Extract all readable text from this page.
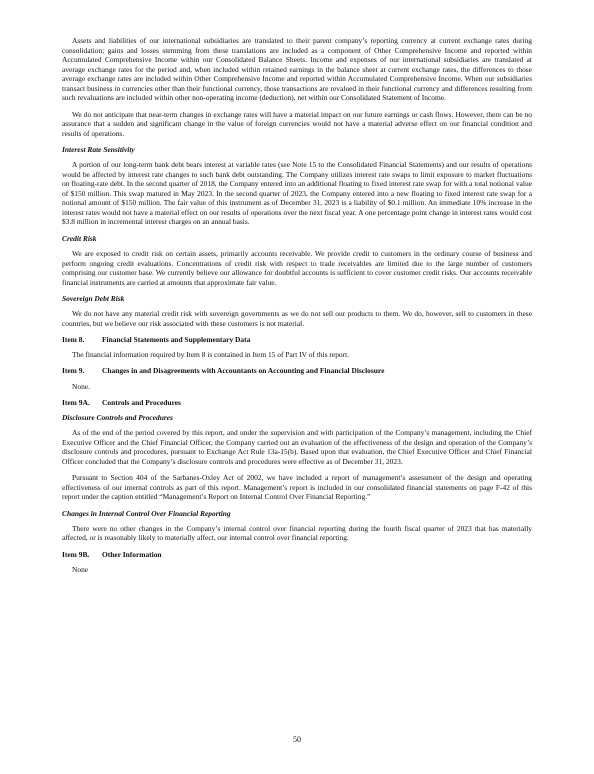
Assets and liabilities of our international subsidiaries are translated to their parent company’s reporting currency at current exchange rates during consolidation; gains and losses stemming from these translations are included as a component of Other Comprehensive Income and reported within Accumulated Comprehensive Income within our Consolidated Balance Sheets. Income and expenses of our international subsidiaries are translated at average exchange rates for the period and, when included within retained earnings in the balance sheet at current exchange rates, the differences to those average exchange rates are included within Other Comprehensive Income and reported within Accumulated Comprehensive Income. When our subsidiaries transact business in currencies other than their functional currency, those transactions are revalued in their functional currency and differences resulting from such revaluations are included within other non-operating income (deduction), net within our Consolidated Statement of Income.

We do not anticipate that near-term changes in exchange rates will have a material impact on our future earnings or cash flows. However, there can be no assurance that a sudden and significant change in the value of foreign currencies would not have a material adverse effect on our financial condition and results of operations.

Interest Rate Sensitivity

A portion of our long-term bank debt bears interest at variable rates (see Note 15 to the Consolidated Financial Statements) and our results of operations would be affected by interest rate changes to such bank debt outstanding. The Company utilizes interest rate swaps to limit exposure to market fluctuations on floating-rate debt. In the second quarter of 2018, the Company entered into an additional floating to fixed interest rate swap for with a total notional value of $150 million. This swap matured in May 2023. In the second quarter of 2023, the Company entered into a new floating to fixed interest rate swap for a notional amount of $150 million. The fair value of this instrument as of December 31, 2023 is a liability of $0.1 million. An immediate 10% increase in the interest rates would not have a material effect on our results of operations over the next fiscal year. A one percentage point change in interest rates would cost $3.8 million in incremental interest charges on an annual basis.

Credit Risk

We are exposed to credit risk on certain assets, primarily accounts receivable. We provide credit to customers in the ordinary course of business and perform ongoing credit evaluations. Concentrations of credit risk with respect to trade receivables are limited due to the large number of customers comprising our customer base. We currently believe our allowance for doubtful accounts is sufficient to cover customer credit risks. Our accounts receivable financial instruments are carried at amounts that approximate fair value.

Sovereign Debt Risk

We do not have any material credit risk with sovereign governments as we do not sell our products to them. We do, however, sell to customers in these countries, but we believe our risk associated with these customers is not material.

Item 8. Financial Statements and Supplementary Data

The financial information required by Item 8 is contained in Item 15 of Part IV of this report.

Item 9. Changes in and Disagreements with Accountants on Accounting and Financial Disclosure

None.

Item 9A. Controls and Procedures
Disclosure Controls and Procedures

As of the end of the period covered by this report, and under the supervision and with participation of the Company’s management, including the Chief Executive Officer and the Chief Financial Officer, the Company carried out an evaluation of the effectiveness of the design and operation of the Company’s disclosure controls and procedures, pursuant to Exchange Act Rule 13a-15(b). Based upon that evaluation, the Chief Executive Officer and Chief Financial Officer concluded that the Company’s disclosure controls and procedures were effective as of December 31, 2023.

Pursuant to Section 404 of the Sarbanes-Oxley Act of 2002, we have included a report of management’s assessment of the design and operating effectiveness of our internal controls as part of this report. Management’s report is included in our consolidated financial statements on page F-42 of this report under the caption entitled “Management’s Report on Internal Control Over Financial Reporting.”

Changes in Internal Control Over Financial Reporting

There were no other changes in the Company’s internal control over financial reporting during the fourth fiscal quarter of 2023 that has materially affected, or is reasonably likely to materially affect, our internal control over financial reporting.

Item 9B. Other Information

None

50
